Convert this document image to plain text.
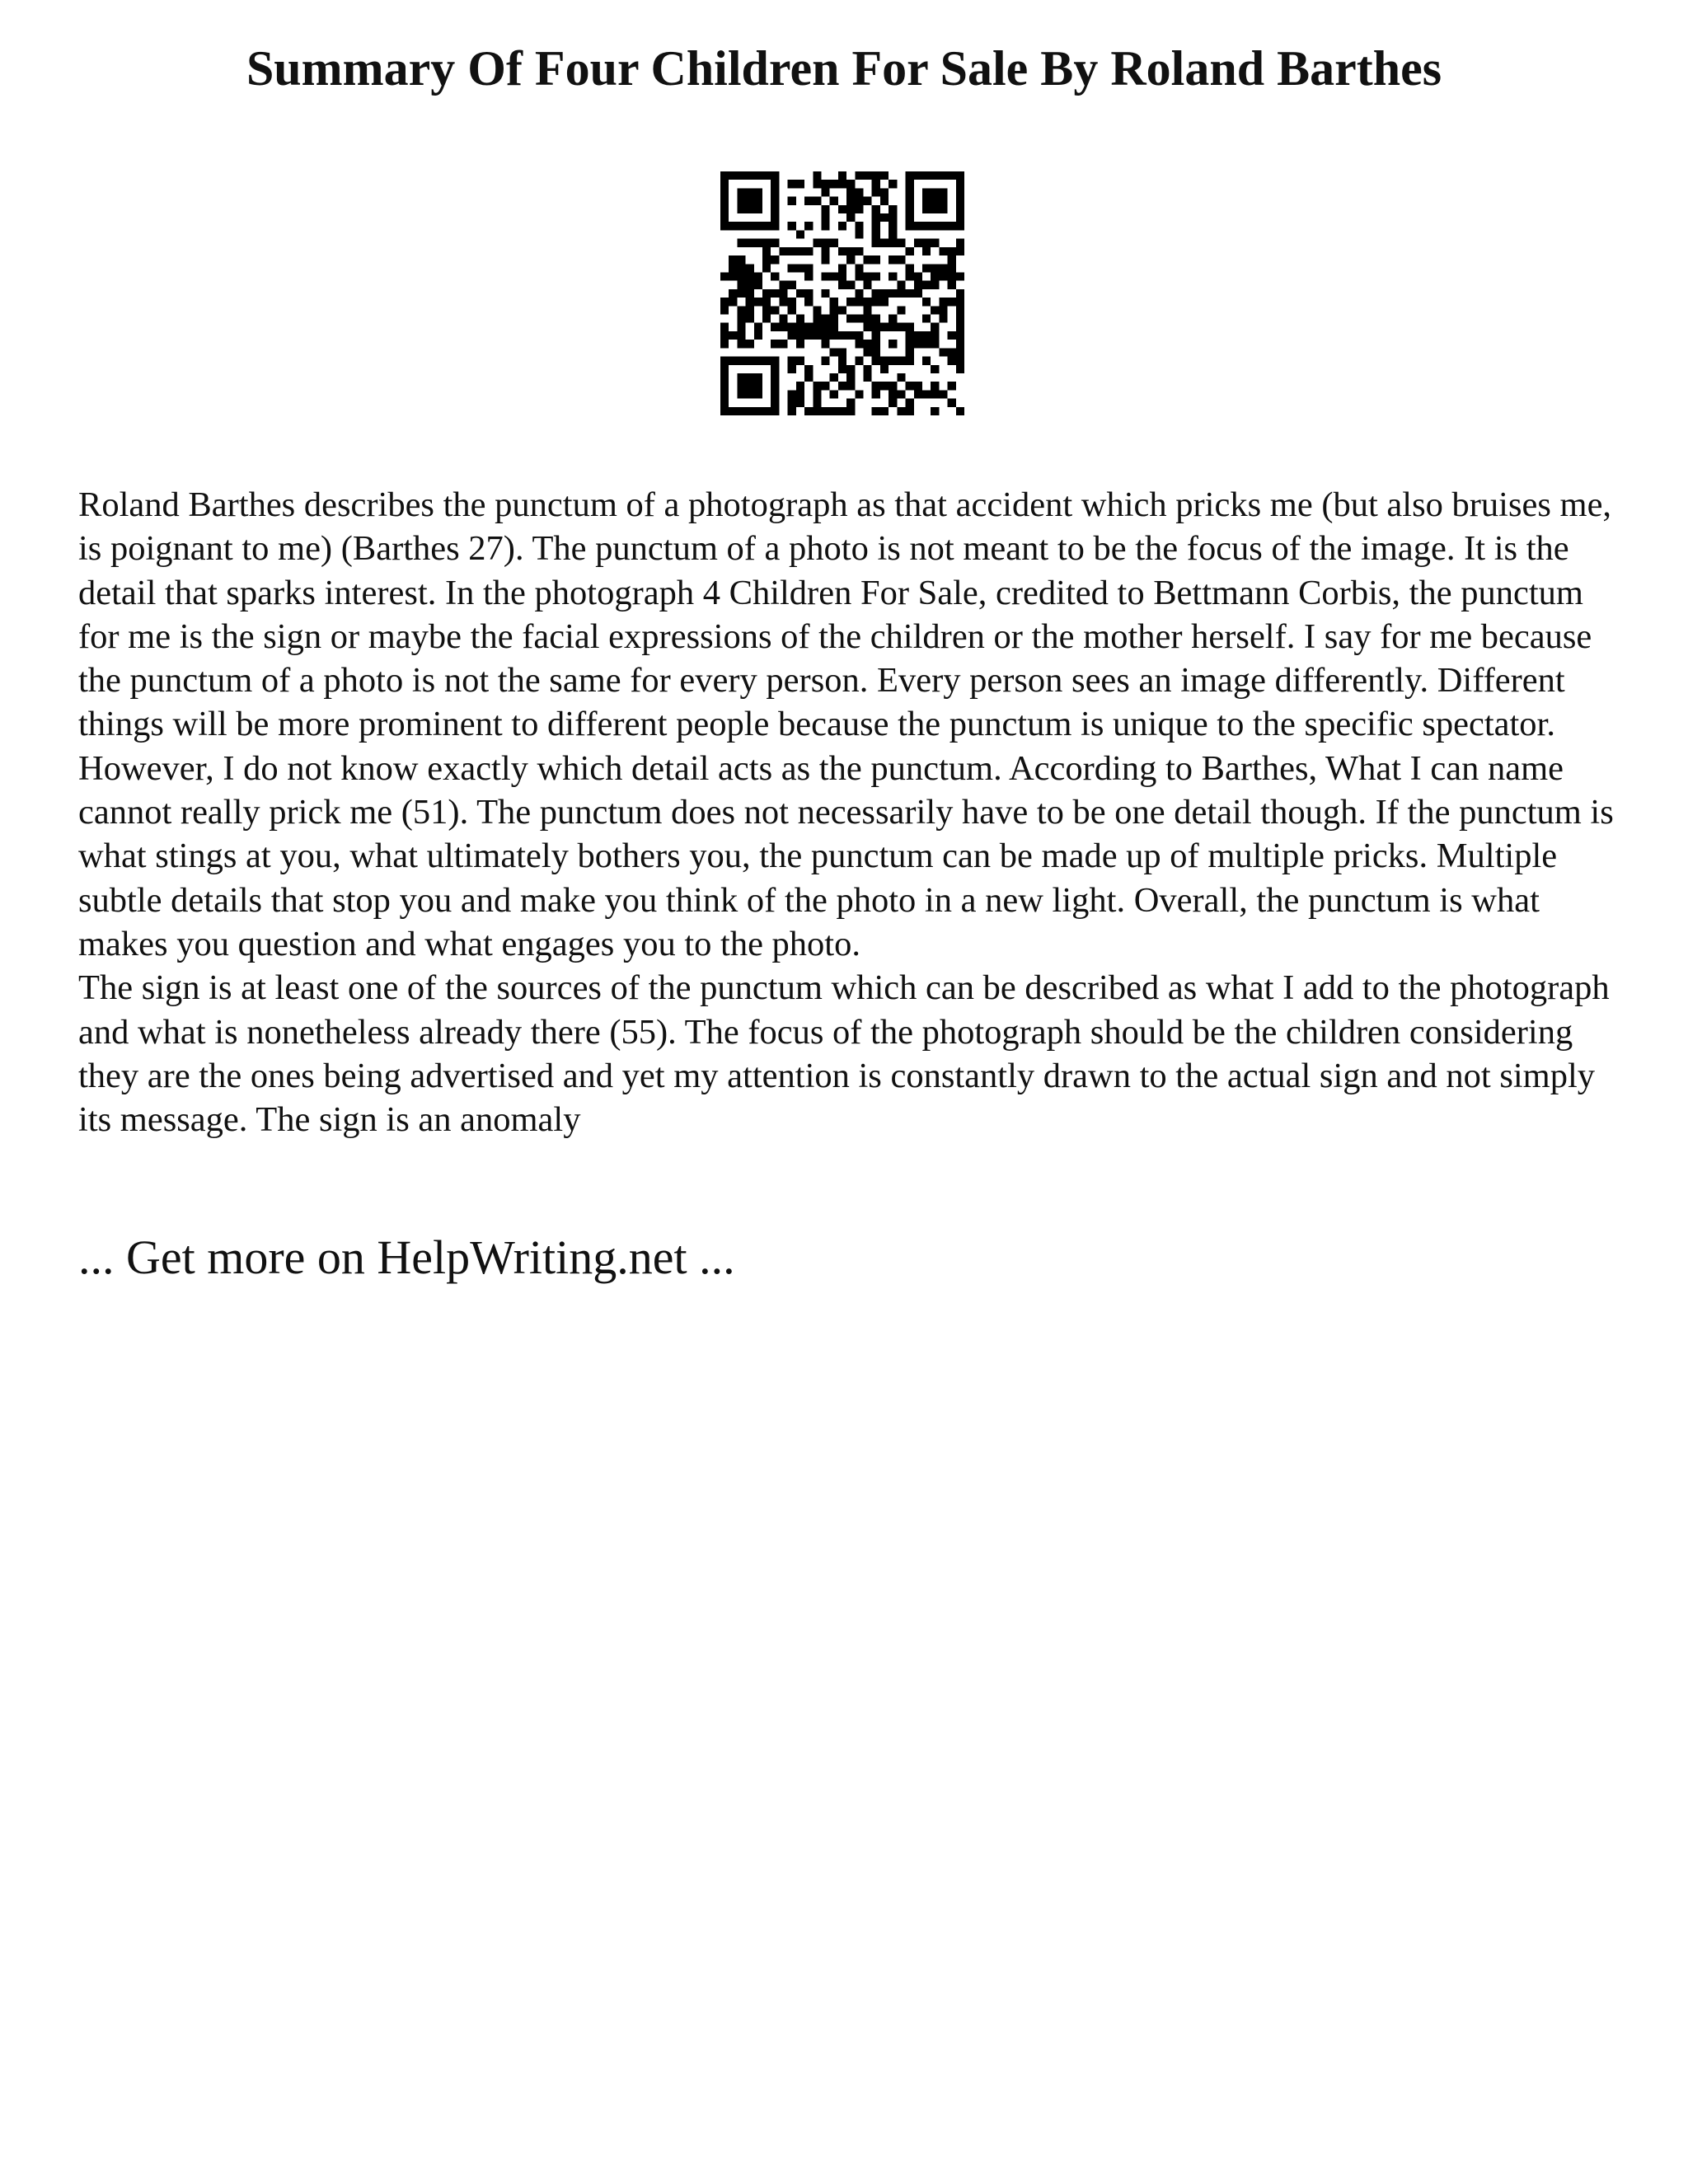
Summary Of Four Children For Sale By Roland Barthes

Roland Barthes describes the punctum of a photograph as that accident which pricks me (but also bruises me, is poignant to me) (Barthes 27). The punctum of a photo is not meant to be the focus of the image. It is the detail that sparks interest. In the photograph 4 Children For Sale, credited to Bettmann Corbis, the punctum for me is the sign or maybe the facial expressions of the children or the mother herself. I say for me because the punctum of a photo is not the same for every person. Every person sees an image differently. Different things will be more prominent to different people because the punctum is unique to the specific spectator.

However, I do not know exactly which detail acts as the punctum. According to Barthes, What I can name cannot really prick me (51). The punctum does not necessarily have to be one detail though. If the punctum is what stings at you, what ultimately bothers you, the punctum can be made up of multiple pricks. Multiple subtle details that stop you and make you think of the photo in a new light. Overall, the punctum is what makes you question and what engages you to the photo.

The sign is at least one of the sources of the punctum which can be described as what I add to the photograph and what is nonetheless already there (55). The focus of the photograph should be the children considering they are the ones being advertised and yet my attention is constantly drawn to the actual sign and not simply its message. The sign is an anomaly

... Get more on HelpWriting.net ...
